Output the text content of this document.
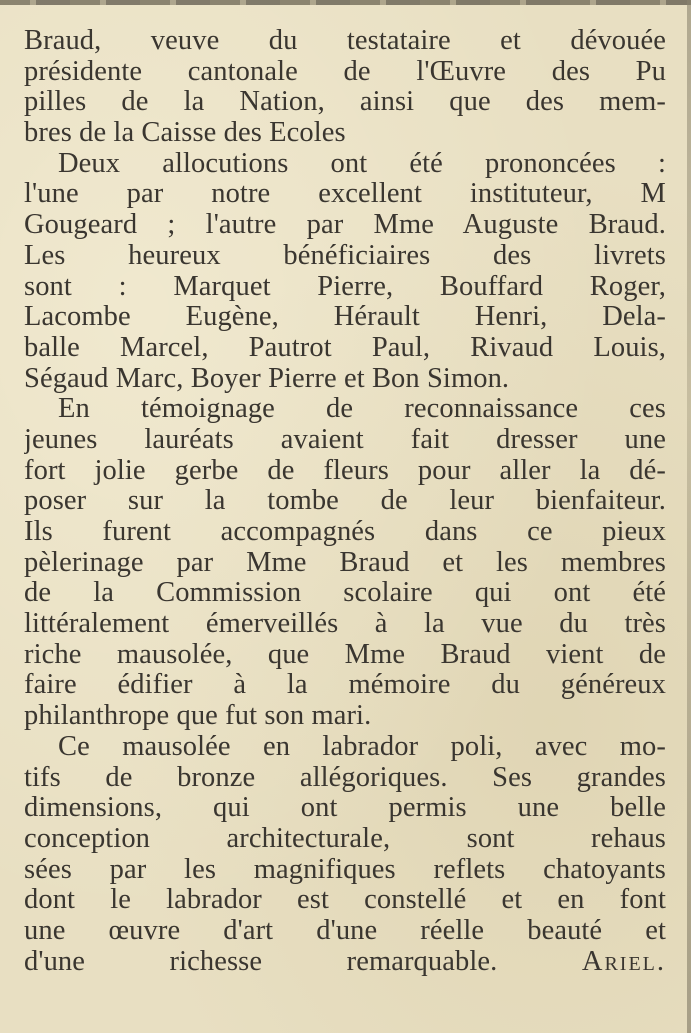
Braud, veuve du testataire et dévouée
présidente cantonale de l'Œuvre des Pu
pilles de la Nation, ainsi que des mem-
bres de la Caisse des Ecoles
Deux allocutions ont été prononcées :
l'une par notre excellent instituteur, M
Gougeard ; l'autre par Mme Auguste Braud.
Les heureux bénéficiaires des livrets
sont : Marquet Pierre, Bouffard Roger,
Lacombe Eugène, Hérault Henri, Dela-
balle Marcel, Pautrot Paul, Rivaud Louis,
Ségaud Marc, Boyer Pierre et Bon Simon.
En témoignage de reconnaissance ces
jeunes lauréats avaient fait dresser une
fort jolie gerbe de fleurs pour aller la dé-
poser sur la tombe de leur bienfaiteur.
Ils furent accompagnés dans ce pieux
pèlerinage par Mme Braud et les membres
de la Commission scolaire qui ont été
littéralement émerveillés à la vue du très
riche mausolée, que Mme Braud vient de
faire édifier à la mémoire du généreux
philanthrope que fut son mari.
Ce mausolée en labrador poli, avec mo-
tifs de bronze allégoriques. Ses grandes
dimensions, qui ont permis une belle
conception architecturale, sont rehaus
sées par les magnifiques reflets chatoyants
dont le labrador est constellé et en font
une œuvre d'art d'une réelle beauté et
d'une richesse remarquable.	Ariel.
